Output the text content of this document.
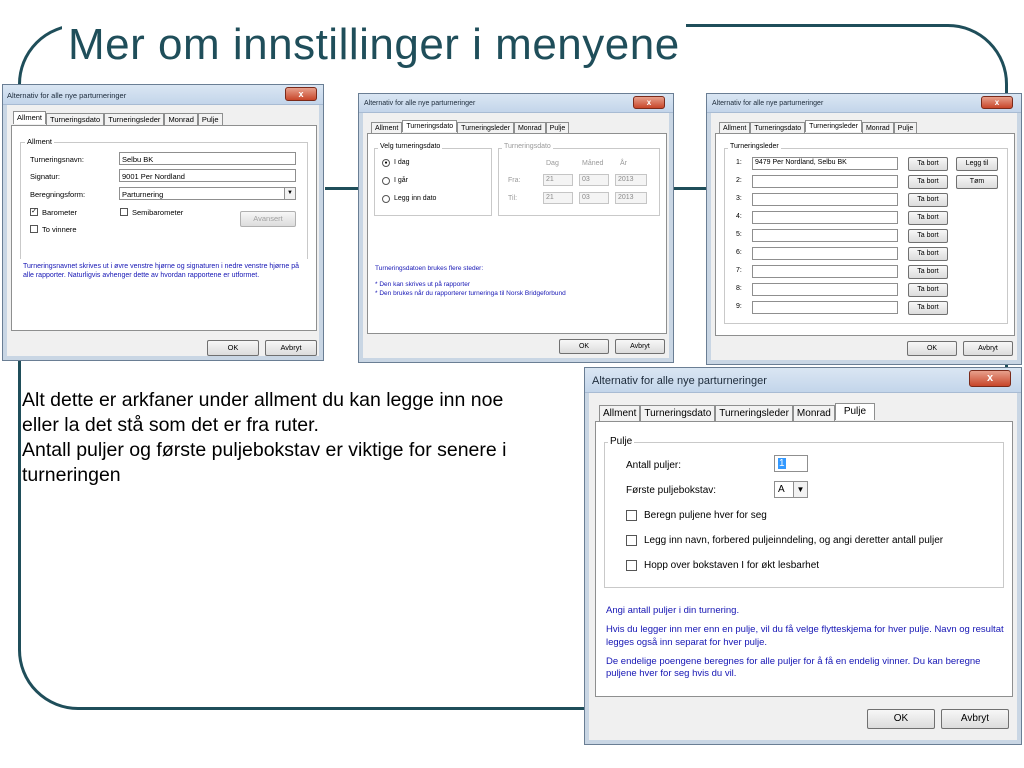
Mer om innstillinger i menyene

Alt dette er arkfaner under allment du kan legge inn noe eller la det stå som det er fra ruter.

Antall puljer og første puljebokstav er viktige for senere i turneringen

Alternativ for alle nye parturneringer	x
Allment	Turneringsdato	Turneringsleder	Monrad	Pulje
Allment
Turneringsnavn:	Selbu BK
Signatur:	9001 Per Nordland
Beregningsform:	Parturnering	▼
✓ Barometer	Semibarometer
To vinnere
Avansert
Turneringsnavnet skrives ut i øvre venstre hjørne og signaturen i nedre venstre hjørne på alle rapporter. Naturligvis avhenger dette av hvordan rapportene er utformet.
OK	Avbryt
Alternativ for alle nye parturneringer	x
Allment	Turneringsdato	Turneringsleder	Monrad	Pulje
Velg turneringsdato
● I dag
I går
Legg inn dato
Turneringsdato
Dag	Måned År
Fra:	21	03	2013
Til:	21	03	2013
Turneringsdatoen brukes flere steder:
* Den kan skrives ut på rapporter
* Den brukes når du rapporterer turneringa til Norsk Bridgeforbund
OK	Avbryt
Alternativ for alle nye parturneringer	x
Allment	Turneringsdato	Turneringsleder	Monrad	Pulje
Turneringsleder
1:	9479 Per Nordland, Selbu BK	Ta bort
2:	Ta bort
3:	Ta bort
4:	Ta bort
5:	Ta bort
6:	Ta bort
7:	Ta bort
8:	Ta bort
9:	Ta bort
Legg til
Tøm
OK	Avbryt
Alternativ for alle nye parturneringer	x
Allment Turneringsdato Turneringsleder Monrad	Pulje
Pulje
Antall puljer:	1
Første puljebokstav:	A	▼
Beregn puljene hver for seg
Legg inn navn, forbered puljeinndeling, og angi deretter antall puljer
Hopp over bokstaven I for økt lesbarhet
Angi antall puljer i din turnering.
Hvis du legger inn mer enn en pulje, vil du få velge flytteskjema for hver pulje. Navn og resultat legges også inn separat for hver pulje.
De endelige poengene beregnes for alle puljer for å få en endelig vinner. Du kan beregne puljene hver for seg hvis du vil.
OK	Avbryt
